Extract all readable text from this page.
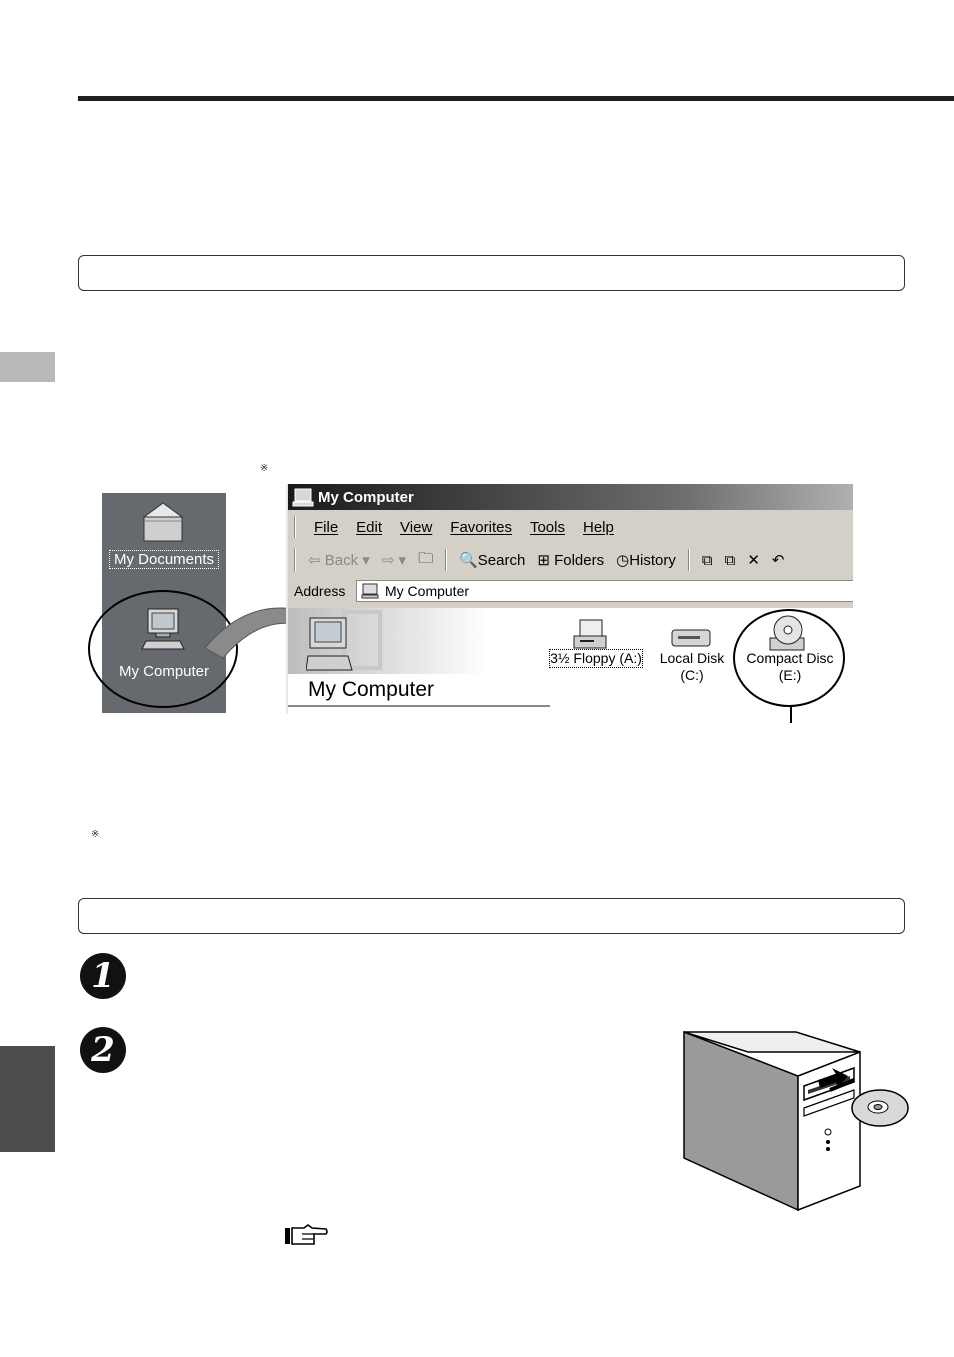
※
※
My Documents
My Computer
My Computer
File Edit View Favorites Tools Help
⇦ Back ▾ ⇨ ▾ 🗀 🔍Search ⊞ Folders ◷History ⧉ ⧉ ✕ ↶
Address	My Computer
My Computer
3½ Floppy (A:)	Local Disk
(C:)
Compact Disc
(E:)
1
2
